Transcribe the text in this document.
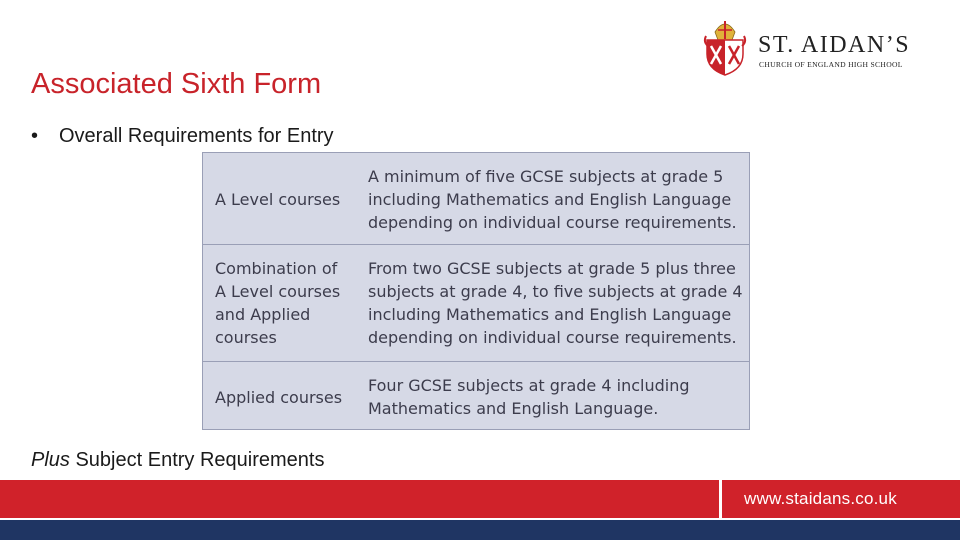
Associated Sixth Form
• Overall Requirements for Entry
ST. AIDAN’S
CHURCH OF ENGLAND HIGH SCHOOL
A Level courses
A minimum of five GCSE subjects at grade 5
including Mathematics and English Language
depending on individual course requirements.
Combination of
A Level courses
and Applied
courses
From two GCSE subjects at grade 5 plus three
subjects at grade 4, to five subjects at grade 4
including Mathematics and English Language
depending on individual course requirements.
Applied courses
Four GCSE subjects at grade 4 including
Mathematics and English Language.
Plus Subject Entry Requirements
www.staidans.co.uk
